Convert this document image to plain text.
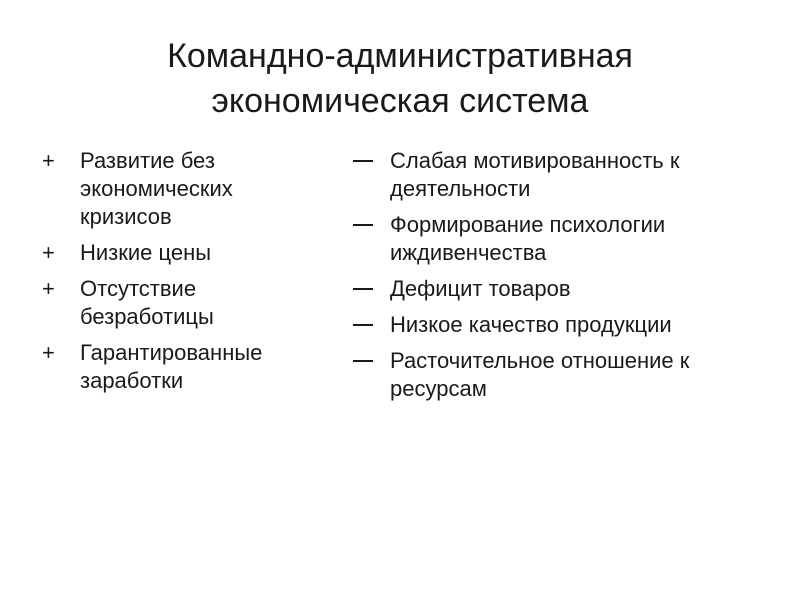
Командно-административная
экономическая система
+ Развитие без
экономических
кризисов
+ Низкие цены
+ Отсутствие
безработицы
+ Гарантированные
заработки
Слабая мотивированность к
деятельности
Формирование психологии
иждивенчества
Дефицит товаров
Низкое качество продукции
Расточительное отношение к
ресурсам
